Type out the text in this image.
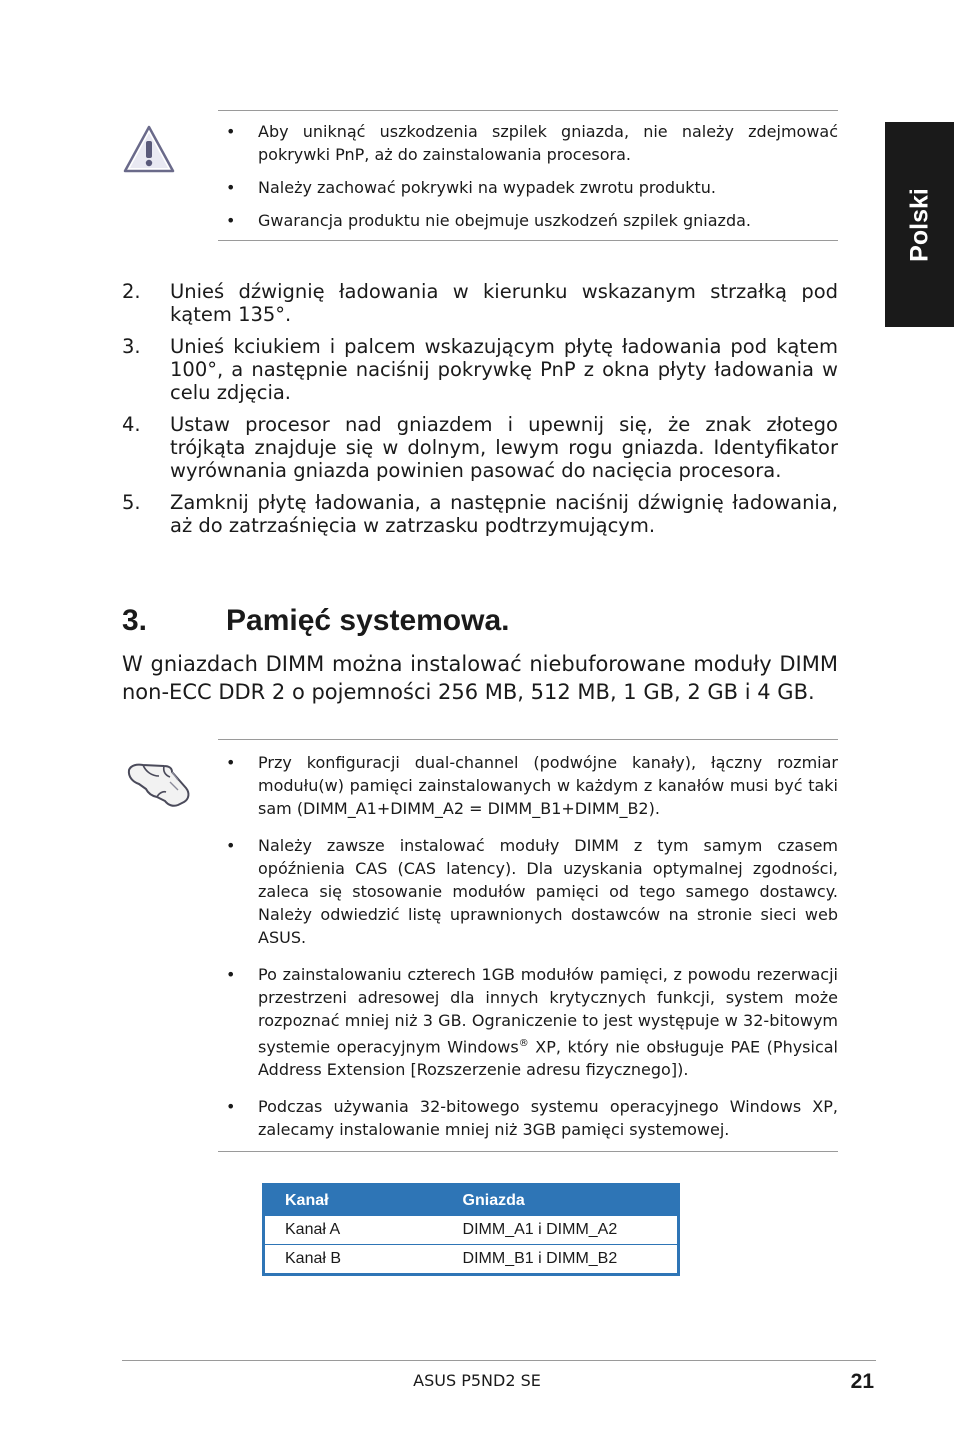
Polski
• Aby uniknąć uszkodzenia szpilek gniazda, nie należy zdejmować pokrywki PnP, aż do zainstalowania procesora.
• Należy zachować pokrywki na wypadek zwrotu produktu.
• Gwarancja produktu nie obejmuje uszkodzeń szpilek gniazda.
2. Unieś dźwignię ładowania w kierunku wskazanym strzałką pod kątem 135°.
3. Unieś kciukiem i palcem wskazującym płytę ładowania pod kątem 100°, a następnie naciśnij pokrywkę PnP z okna płyty ładowania w celu zdjęcia.
4. Ustaw procesor nad gniazdem i upewnij się, że znak złotego trójkąta znajduje się w dolnym, lewym rogu gniazda. Identyfikator wyrównania gniazda powinien pasować do nacięcia procesora.
5. Zamknij płytę ładowania, a następnie naciśnij dźwignię ładowania, aż do zatrzaśnięcia w zatrzasku podtrzymującym.
3.	Pamięć systemowa.
W gniazdach DIMM można instalować niebuforowane moduły DIMM non-ECC DDR 2 o pojemności 256 MB, 512 MB, 1 GB, 2 GB i 4 GB.
• Przy konfiguracji dual-channel (podwójne kanały), łączny rozmiar modułu(w) pamięci zainstalowanych w każdym z kanałów musi być taki sam (DIMM_A1+DIMM_A2 = DIMM_B1+DIMM_B2).
• Należy zawsze instalować moduły DIMM z tym samym czasem opóźnienia CAS (CAS latency). Dla uzyskania optymalnej zgodności, zaleca się stosowanie modułów pamięci od tego samego dostawcy. Należy odwiedzić listę uprawnionych dostawców na stronie sieci web ASUS.
• Po zainstalowaniu czterech 1GB modułów pamięci, z powodu rezerwacji przestrzeni adresowej dla innych krytycznych funkcji, system może rozpoznać mniej niż 3 GB. Ograniczenie to jest występuje w 32-bitowym systemie operacyjnym Windows® XP, który nie obsługuje PAE (Physical Address Extension [Rozszerzenie adresu fizycznego]).
• Podczas używania 32-bitowego systemu operacyjnego Windows XP, zalecamy instalowanie mniej niż 3GB pamięci systemowej.
Kanał	Gniazda
Kanał A	DIMM_A1 i DIMM_A2
Kanał B	DIMM_B1 i DIMM_B2
ASUS P5ND2 SE	21
